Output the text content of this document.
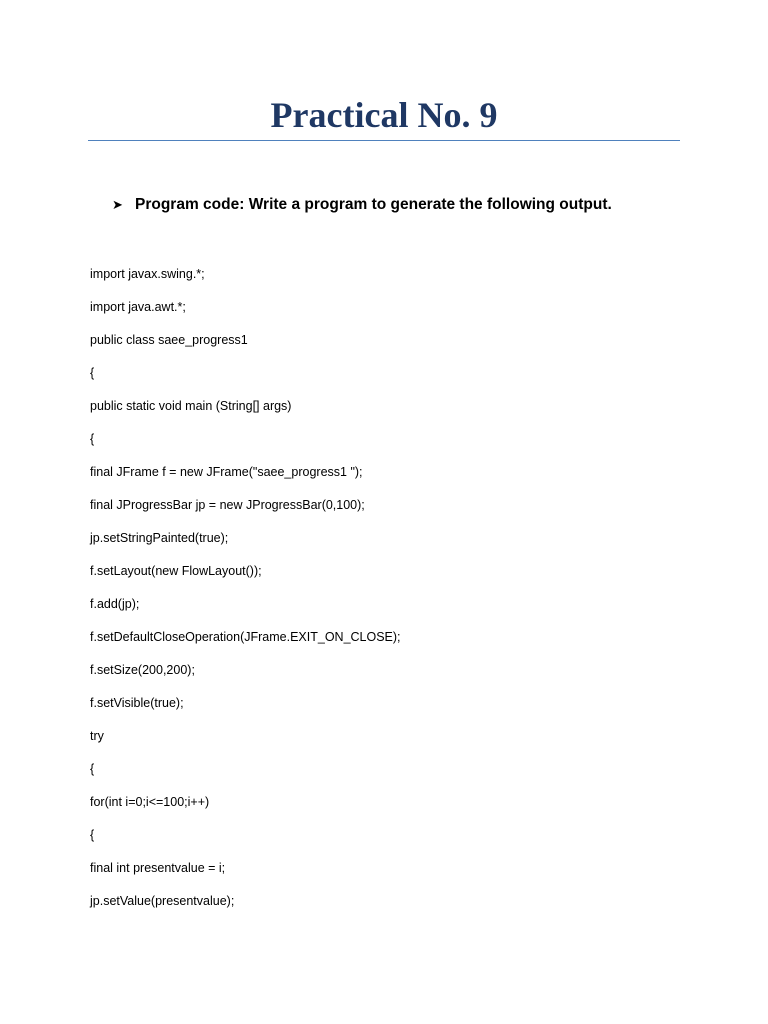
Practical No. 9
➤ Program code: Write a program to generate the following output.
import javax.swing.*;
import java.awt.*;
public class saee_progress1
{
public static void main (String[] args)
{
final JFrame f = new JFrame("saee_progress1 ");
final JProgressBar jp = new JProgressBar(0,100);
jp.setStringPainted(true);
f.setLayout(new FlowLayout());
f.add(jp);
f.setDefaultCloseOperation(JFrame.EXIT_ON_CLOSE);
f.setSize(200,200);
f.setVisible(true);
try
{
for(int i=0;i<=100;i++)
{
final int presentvalue = i;
jp.setValue(presentvalue);
